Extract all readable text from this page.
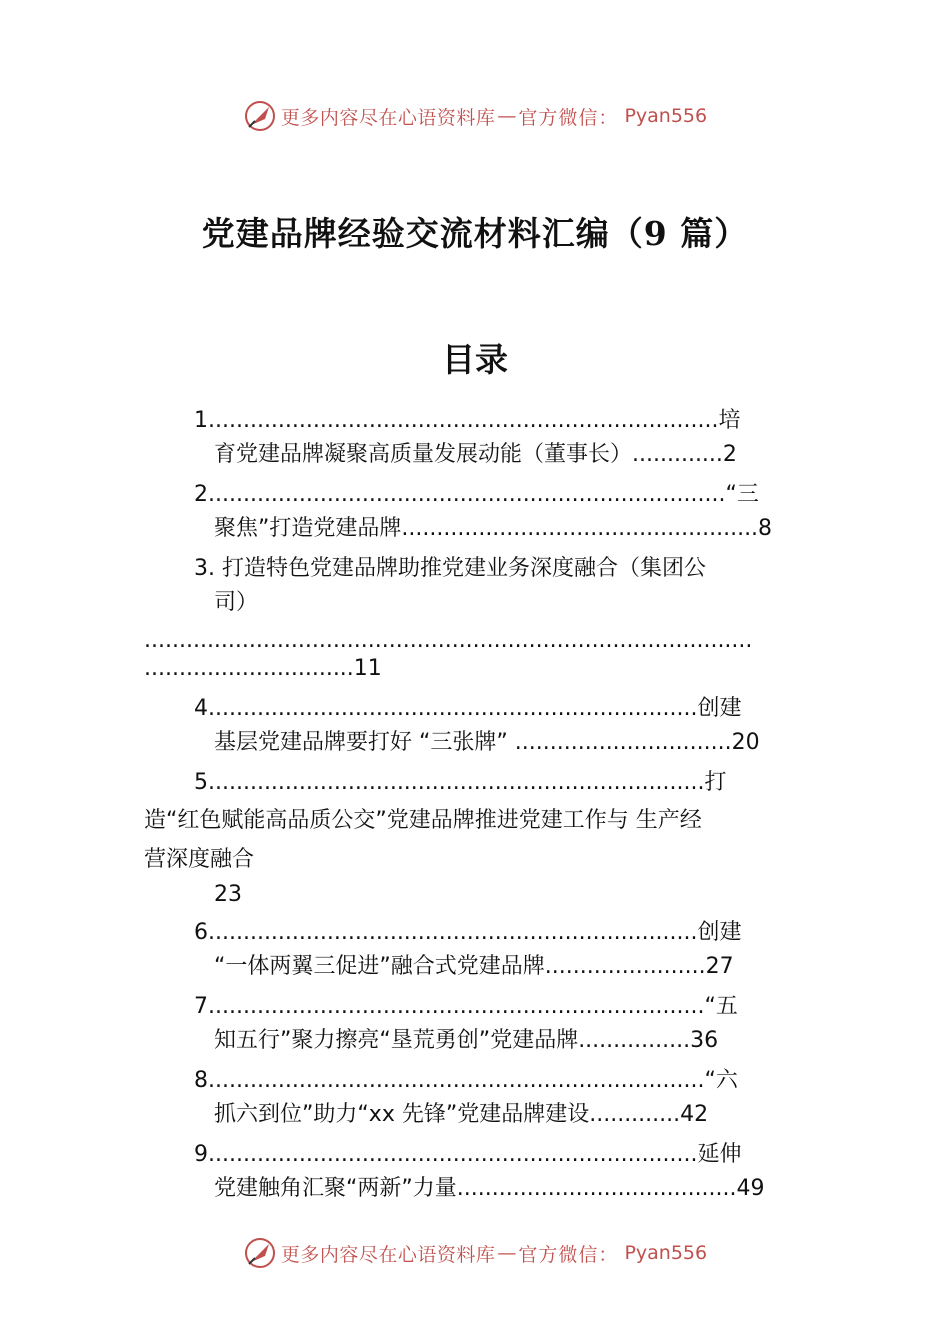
更多内容尽在心语资料库 — 官方微信： Pyan556
党建品牌经验交流材料汇编（9 篇）
目录
1.........................................................................培
育党建品牌凝聚高质量发展动能（董事长）.............2
2..........................................................................“三
聚焦”打造党建品牌...................................................8
3. 打造特色党建品牌助推党建业务深度融合（集团公
司）
.......................................................................................
..............................11
4......................................................................创建
基层党建品牌要打好 “三张牌” ...............................20
5.......................................................................打
造“红色赋能高品质公交”党建品牌推进党建工作与 生产经
营深度融合
23
6......................................................................创建
“一体两翼三促进”融合式党建品牌.......................27
7.......................................................................“五
知五行”聚力擦亮“垦荒勇创”党建品牌................36
8.......................................................................“六
抓六到位”助力“xx 先锋”党建品牌建设.............42
9......................................................................延伸
党建触角汇聚“两新”力量........................................49
更多内容尽在心语资料库 — 官方微信： Pyan556
